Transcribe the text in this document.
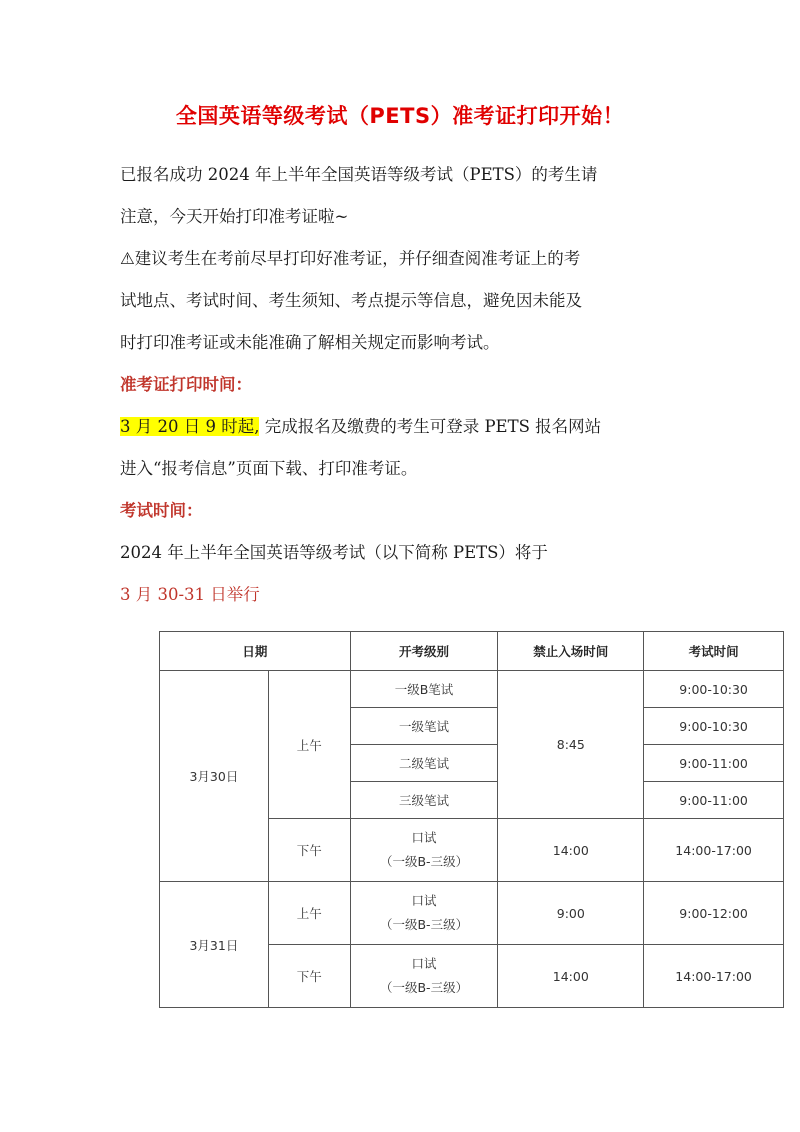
全国英语等级考试（PETS）准考证打印开始！
已报名成功 2024 年上半年全国英语等级考试（PETS）的考生请
注意，今天开始打印准考证啦~
⚠建议考生在考前尽早打印好准考证，并仔细查阅准考证上的考
试地点、考试时间、考生须知、考点提示等信息，避免因未能及
时打印准考证或未能准确了解相关规定而影响考试。
准考证打印时间：
3 月 20 日 9 时起, 完成报名及缴费的考生可登录 PETS 报名网站
进入“报考信息”页面下载、打印准考证。
考试时间：
2024 年上半年全国英语等级考试（以下简称 PETS）将于
3 月 30-31 日举行
日期		开考级别	禁止入场时间	考试时间
3月30日	上午	一级B笔试	8:45	9:00-10:30
		一级笔试		9:00-10:30
		二级笔试		9:00-11:00
		三级笔试		9:00-11:00
	下午	口试
（一级B-三级）	14:00	14:00-17:00
3月31日	上午	口试
（一级B-三级）	9:00	9:00-12:00
	下午	口试
（一级B-三级）	14:00	14:00-17:00
